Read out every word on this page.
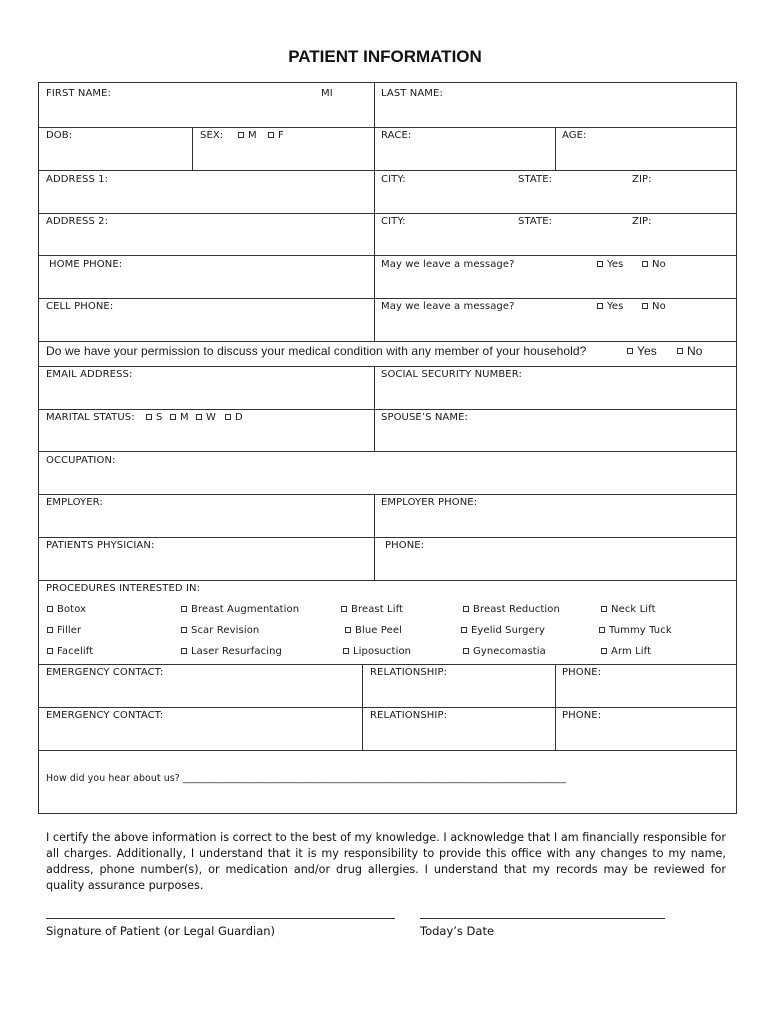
PATIENT INFORMATION
FIRST NAME:	MI	LAST NAME:
DOB:	SEX:	M	F	RACE:	AGE:
ADDRESS 1:	CITY:	STATE:	ZIP:
ADDRESS 2:	CITY:	STATE:	ZIP:
HOME PHONE:	May we leave a message?	Yes	No
CELL PHONE:	May we leave a message?	Yes	No
Do we have your permission to discuss your medical condition with any member of your household?	Yes	No
EMAIL ADDRESS:	SOCIAL SECURITY NUMBER:
MARITAL STATUS:	S	M	W	D	SPOUSE’S NAME:
OCCUPATION:
EMPLOYER:	EMPLOYER PHONE:
PATIENTS PHYSICIAN:	PHONE:
PROCEDURES INTERESTED IN:
Botox	Breast Augmentation	Breast Lift	Breast Reduction	Neck Lift
Filler	Scar Revision	Blue Peel	Eyelid Surgery	Tummy Tuck
Facelift	Laser Resurfacing	Liposuction	Gynecomastia	Arm Lift
EMERGENCY CONTACT:	RELATIONSHIP:	PHONE:
EMERGENCY CONTACT:	RELATIONSHIP:	PHONE:
How did you hear about us? ________________________________________________________________________________
I certify the above information is correct to the best of my knowledge. I acknowledge that I am financially responsible for all charges. Additionally, I understand that it is my responsibility to provide this office with any changes to my name, address, phone number(s), or medication and/or drug allergies. I understand that my records may be reviewed for quality assurance purposes.
Signature of Patient (or Legal Guardian)	Today’s Date
